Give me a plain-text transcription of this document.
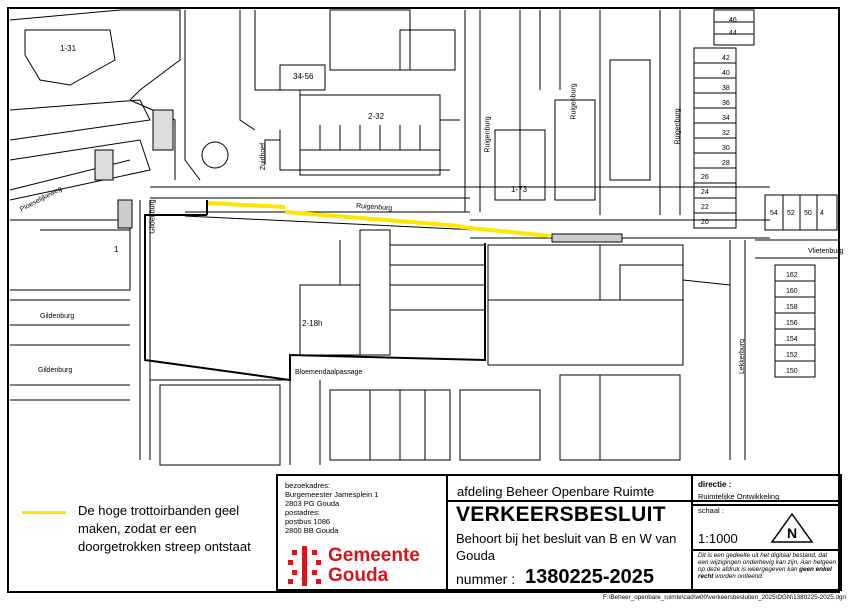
1-31
34-56
2-32
1-73
2-18h
1
Ruigenburg
Ruigenburg
Ruigenburg
Ruigenburg
Gildenburg
Gildenburg
Gildenburg
Zuidhoef
Vlietenburg
Lekkerburg
Bloemendaalpassage
Ploeselijkeweg
46
44
42
40
38
36
34
32
30
28
26
24
22
20
54 52 50 4
162
160
158
156
154
152
150
De hoge trottoirbanden geel maken, zodat er een doorgetrokken streep ontstaat
bezoekadres:
Burgemeester Jamesplein 1
2803 PG Gouda
postadres:
postbus 1086
2800 BB Gouda
Gemeente
Gouda
afdeling Beheer Openbare Ruimte
VERKEERSBESLUIT
Behoort bij het besluit van B en W van Gouda
nummer : 1380225-2025
directie :
Ruimtelijke Ontwikkeling
schaal :
1:1000	N
Dit is een gedeelte uit het digitaal bestand, dat een wijzigingen onderhevig kan zijn. Aan hetgeen op deze afdruk is weergegeven kan geen enkel recht worden ontleend.
F:\Beheer_openbare_ruimte\cad\w00\verkeersbesluiten_2025\DGN\1380225-2025.dgn
